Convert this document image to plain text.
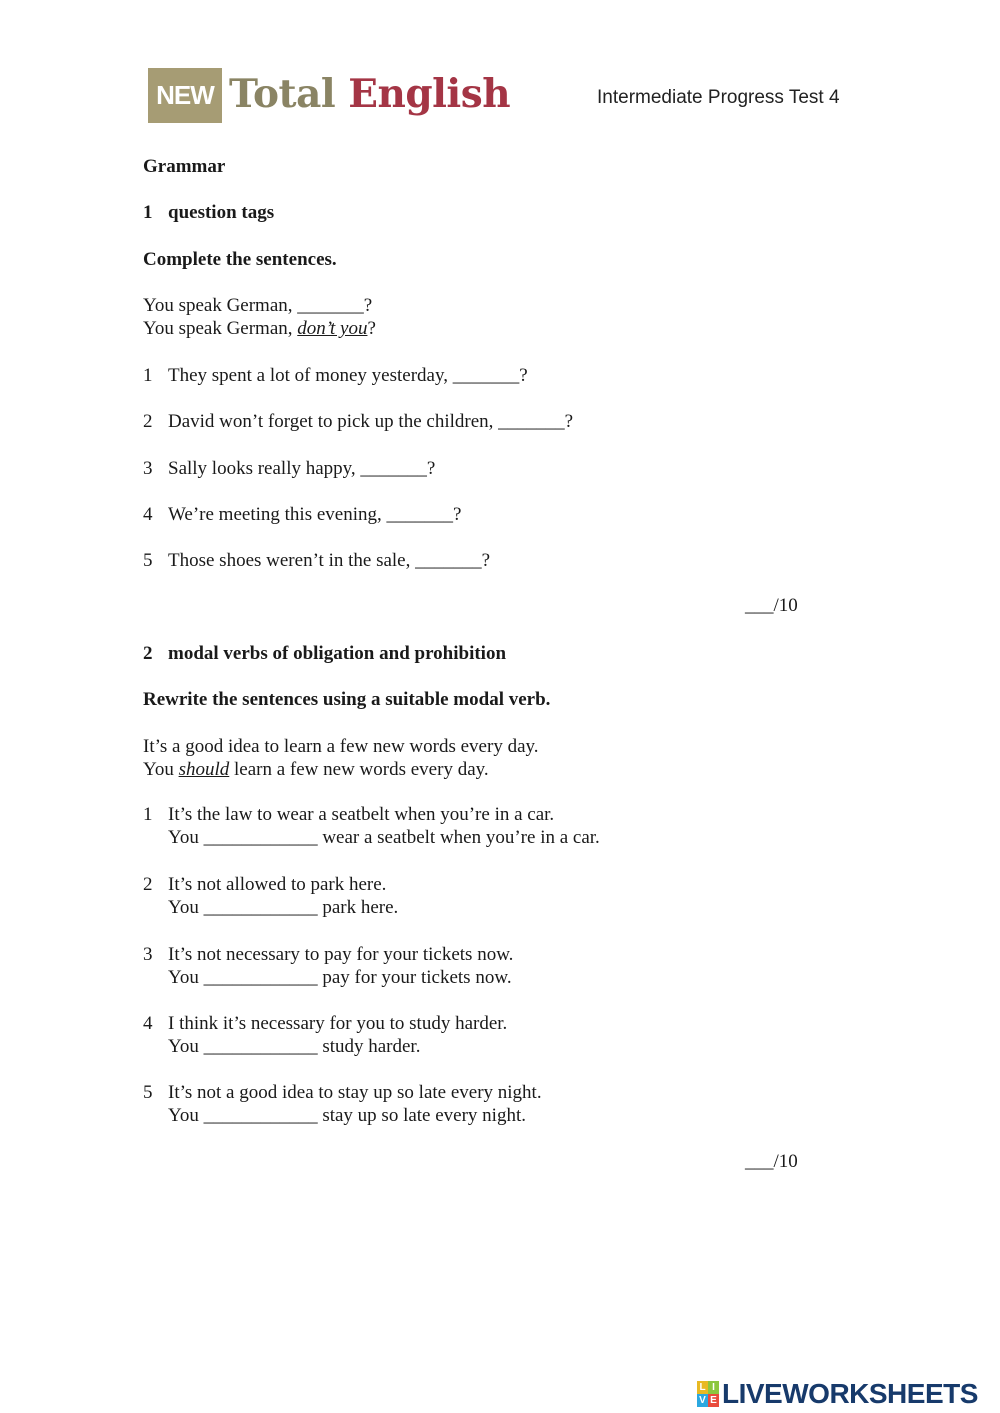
NEW Total English	Intermediate Progress Test 4
Grammar
1 question tags
Complete the sentences.
You speak German, _______?
You speak German, don’t you?
1 They spent a lot of money yesterday, _______?
2 David won’t forget to pick up the children, _______?
3 Sally looks really happy, _______?
4 We’re meeting this evening, _______?
5 Those shoes weren’t in the sale, _______?
___/10
2 modal verbs of obligation and prohibition
Rewrite the sentences using a suitable modal verb.
It’s a good idea to learn a few new words every day.
You should learn a few new words every day.
1 It’s the law to wear a seatbelt when you’re in a car.
You ____________ wear a seatbelt when you’re in a car.
2 It’s not allowed to park here.
You ____________ park here.
3 It’s not necessary to pay for your tickets now.
You ____________ pay for your tickets now.
4 I think it’s necessary for you to study harder.
You ____________ study harder.
5 It’s not a good idea to stay up so late every night.
You ____________ stay up so late every night.
___/10
L I
V E LIVEWORKSHEETS
